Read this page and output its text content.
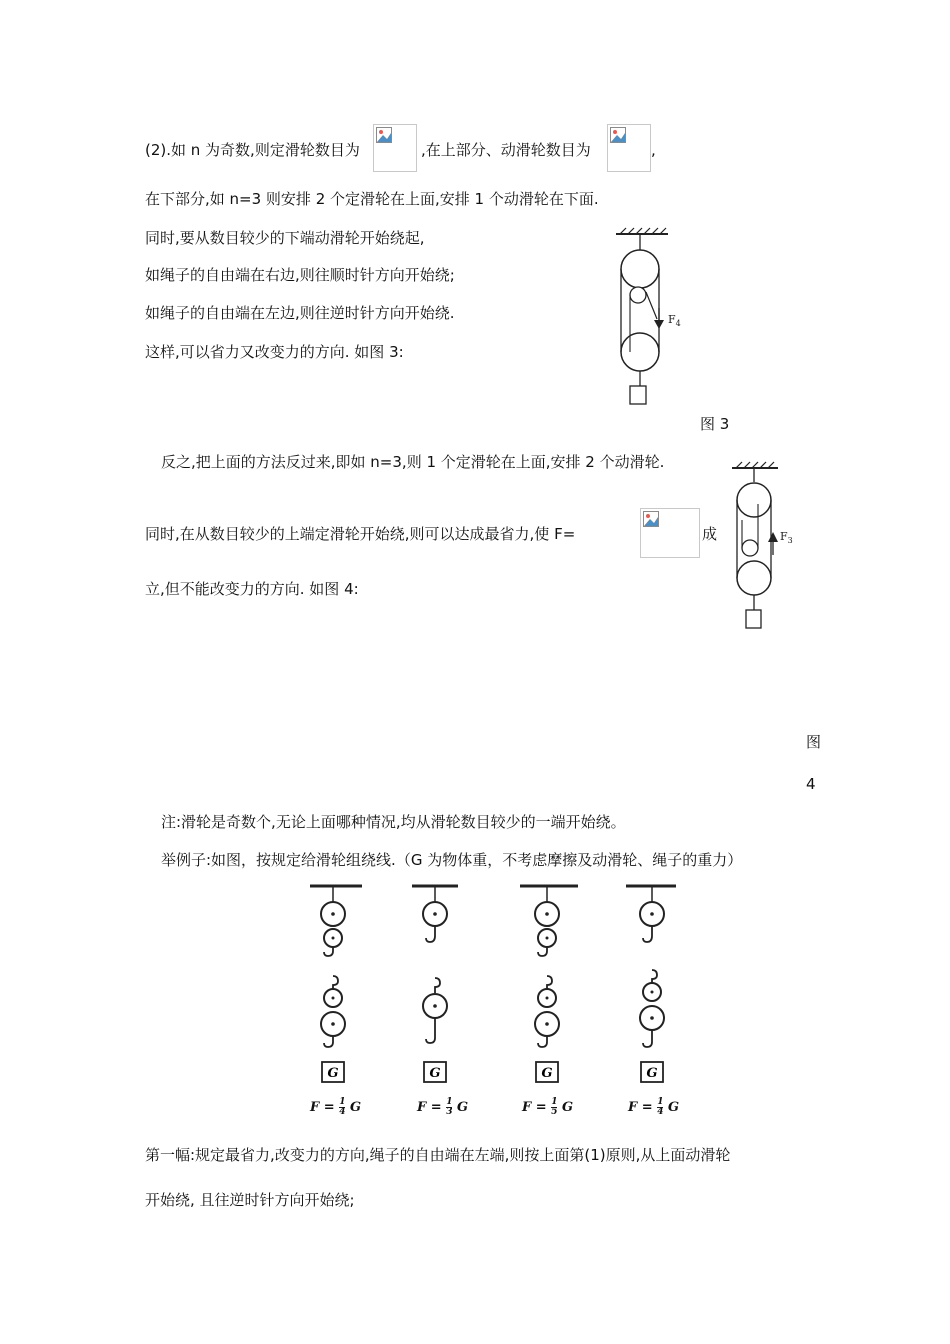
(2).如 n 为奇数,则定滑轮数目为	,在上部分、动滑轮数目为	,
在下部分,如 n=3 则安排 2 个定滑轮在上面,安排 1 个动滑轮在下面.
同时,要从数目较少的下端动滑轮开始绕起,
如绳子的自由端在右边,则往顺时针方向开始绕;
如绳子的自由端在左边,则往逆时针方向开始绕.
这样,可以省力又改变力的方向. 如图 3:
$F_4$
图 3
反之,把上面的方法反过来,即如 n=3,则 1 个定滑轮在上面,安排 2 个动滑轮.
同时,在从数目较少的上端定滑轮开始绕,则可以达成最省力,使 F=	成
立,但不能改变力的方向. 如图 4:
$F_3$
图
4
注:滑轮是奇数个,无论上面哪种情况,均从滑轮数目较少的一端开始绕。
举例子:如图，按规定给滑轮组绕线.（G 为物体重，不考虑摩擦及动滑轮、绳子的重力）
G	G	G	G
$F = \frac{1}{4}$ G	$F = \frac{1}{3}$ G	$F = \frac{1}{5}$ G	$F = \frac{1}{4}$ G
第一幅:规定最省力,改变力的方向,绳子的自由端在左端,则按上面第(1)原则,从上面动滑轮
开始绕, 且往逆时针方向开始绕;
